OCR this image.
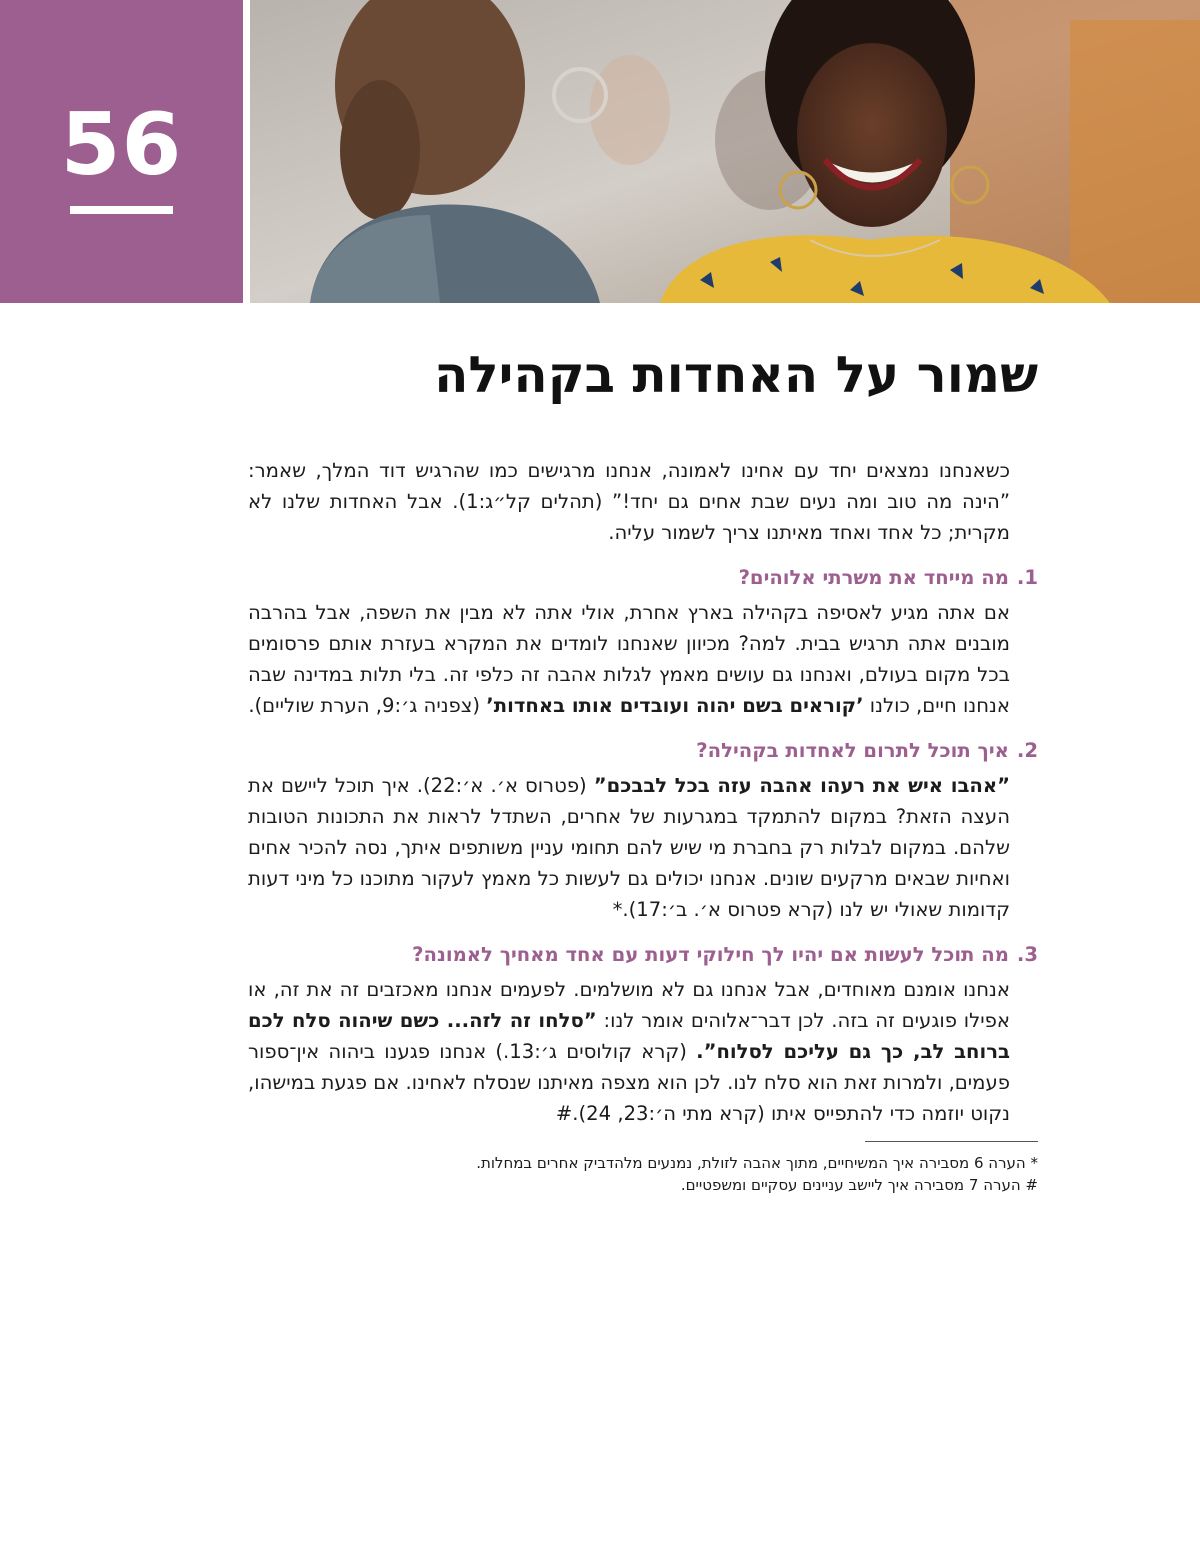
56
שמור על האחדות בקהילה

כשאנחנו נמצאים יחד עם אחינו לאמונה, אנחנו מרגישים כמו שהרגיש דוד המלך, שאמר: ”הינה מה טוב ומה נעים שבת אחים גם יחד!” (תהלים קל״ג:1). אבל האחדות שלנו לא מקרית; כל אחד ואחד מאיתנו צריך לשמור עליה.

1.
מה מייחד את משרתי אלוהים?

אם אתה מגיע לאסיפה בקהילה בארץ אחרת, אולי אתה לא מבין את השפה, אבל בהרבה מובנים אתה תרגיש בבית. למה? מכיוון שאנחנו לומדים את המקרא בעזרת אותם פרסומים בכל מקום בעולם, ואנחנו גם עושים מאמץ לגלות אהבה זה כלפי זה. בלי תלות במדינה שבה אנחנו חיים, כולנו ’קוראים בשם יהוה ועובדים אותו באחדות’ (צפניה ג׳:9, הערת שוליים).

2.
איך תוכל לתרום לאחדות בקהילה?

”אהבו איש את רעהו אהבה עזה בכל לבבכם” (פטרוס א׳. א׳:22). איך תוכל ליישם את העצה הזאת? במקום להתמקד במגרעות של אחרים, השתדל לראות את התכונות הטובות שלהם. במקום לבלות רק בחברת מי שיש להם תחומי עניין משותפים איתך, נסה להכיר אחים ואחיות שבאים מרקעים שונים. אנחנו יכולים גם לעשות כל מאמץ לעקור מתוכנו כל מיני דעות קדומות שאולי יש לנו (קרא פטרוס א׳. ב׳:17).*

3.
מה תוכל לעשות אם יהיו לך חילוקי דעות עם אחד מאחיך לאמונה?

אנחנו אומנם מאוחדים, אבל אנחנו גם לא מושלמים. לפעמים אנחנו מאכזבים זה את זה, או אפילו פוגעים זה בזה. לכן דבר־אלוהים אומר לנו: ”סלחו זה לזה... כשם שיהוה סלח לכם ברוחב לב, כך גם עליכם לסלוח”. (קרא קולוסים ג׳:13.) אנחנו פגענו ביהוה אין־ספור פעמים, ולמרות זאת הוא סלח לנו. לכן הוא מצפה מאיתנו שנסלח לאחינו. אם פגעת במישהו, נקוט יוזמה כדי להתפייס איתו (קרא מתי ה׳:23, 24).#

* הערה 6 מסבירה איך המשיחיים, מתוך אהבה לזולת, נמנעים מלהדביק אחרים במחלות.

# הערה 7 מסבירה איך ליישב עניינים עסקיים ומשפטיים.
